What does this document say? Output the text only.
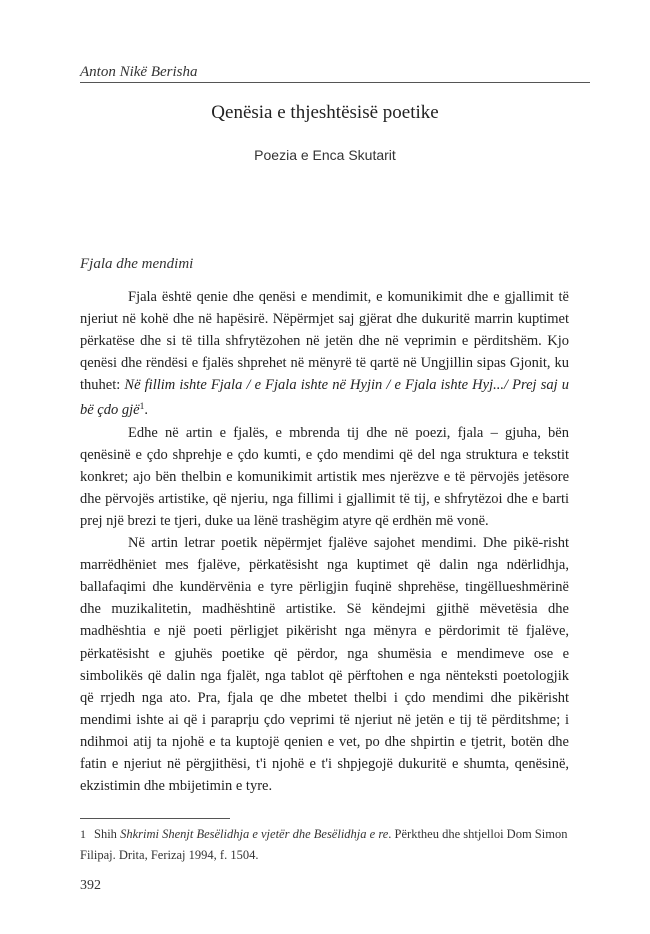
Anton Nikë Berisha
Qenësia e thjeshtësisë poetike
Poezia e Enca Skutarit
Fjala dhe mendimi

Fjala është qenie dhe qenësi e mendimit, e komunikimit dhe e gjallimit të njeriut në kohë dhe në hapësirë. Nëpërmjet saj gjërat dhe dukuritë marrin kuptimet përkatëse dhe si të tilla shfrytëzohen në jetën dhe në veprimin e përditshëm. Kjo qenësi dhe rëndësi e fjalës shprehet në mënyrë të qartë në Ungjillin sipas Gjonit, ku thuhet: Në fillim ishte Fjala / e Fjala ishte në Hyjin / e Fjala ishte Hyj.../ Prej saj u bë çdo gjë$^1$.

Edhe në artin e fjalës, e mbrenda tij dhe në poezi, fjala – gjuha, bën qenësinë e çdo shprehje e çdo kumti, e çdo mendimi që del nga struktura e tekstit konkret; ajo bën thelbin e komunikimit artistik mes njerëzve e të përvojës jetësore dhe përvojës artistike, që njeriu, nga fillimi i gjallimit të tij, e shfrytëzoi dhe e barti prej një brezi te tjeri, duke ua lënë trashëgim atyre që erdhën më vonë.

Në artin letrar poetik nëpërmjet fjalëve sajohet mendimi. Dhe pikë-risht marrëdhëniet mes fjalëve, përkatësisht nga kuptimet që dalin nga ndërlidhja, ballafaqimi dhe kundërvënia e tyre përligjin fuqinë shprehëse, tingëllueshmërinë dhe muzikalitetin, madhështinë artistike. Së këndejmi gjithë mëvetësia dhe madhështia e një poeti përligjet pikërisht nga mënyra e përdorimit të fjalëve, përkatësisht e gjuhës poetike që përdor, nga shumësia e mendimeve ose e simbolikës që dalin nga fjalët, nga tablot që përftohen e nga nënteksti poetologjik që rrjedh nga ato. Pra, fjala qe dhe mbetet thelbi i çdo mendimi dhe pikërisht mendimi ishte ai që i paraprįu çdo veprimi të njeriut në jetën e tij të përditshme; i ndihmoi atij ta njohë e ta kuptojë qenien e vet, po dhe shpirtin e tjetrit, botën dhe fatin e njeriut në përgjithësi, t'i njohë e t'i shpjegojë dukuritë e shumta, qenësinë, ekzistimin dhe mbijetimin e tyre.

1 Shih Shkrimi Shenjt Besëlidhja e vjetër dhe Besëlidhja e re. Përktheu dhe shtjelloi Dom Simon Filipaj. Drita, Ferizaj 1994, f. 1504.
392
